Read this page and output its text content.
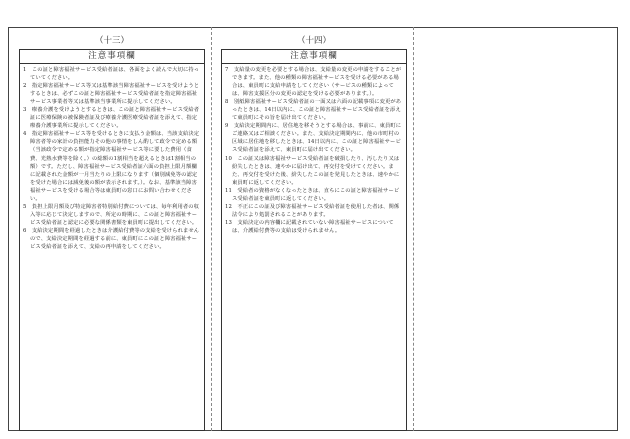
（十三）
注意事項欄

1　この証と障害福祉サービス受給者証は、各面をよく読んで大切に持っていてください。

2　指定障害福祉サービス等又は基準該当障害福祉サービスを受けようとするときは、必ずこの証と障害福祉サービス受給者証を指定障害福祉サービス事業者等又は基準該当事業所に提示してください。

3　療養介護を受けようとするときは、この証と障害福祉サービス受給者証に医療保険の被保険者証及び療養介護医療受給者証を添えて、指定療養介護事業所に提示してください。

4　指定障害福祉サービス等を受けるときに支払う金額は、当該支給決定障害者等の家計の負担能力その他の事情をしん酌して政令で定める額（当該政令で定める額が指定障害福祉サービス等に要した費用（食費、光熱水費等を除く。）の総額の1割相当を超えるときは1割相当の額）です。ただし、障害福祉サービス受給者証六面の負担上限月額欄に記載された金額が一月当たりの上限になります（個別減免等の認定を受けた場合には減免後の額が表示されます。）。なお、基準該当障害福祉サービスを受ける場合等は東員町の窓口にお問い合わせください。

5　負担上限月額及び特定障害者特別給付費については、毎年利用者の収入等に応じて決定しますので、所定の時期に、この証と障害福祉サービス受給者証と認定に必要な関係書類を東員町に提出してください。

6　支給決定期間を経過したときは介護給付費等の支給を受けられませんので、支給決定期間を経過する前に、東員町にこの証と障害福祉サービス受給者証を添えて、支給の再申請をしてください。

（十四）
注意事項欄

7　支給量の変更を必要とする場合は、支給量の変更の申請をすることができます。また、他の種類の障害福祉サービスを受ける必要がある場合は、東員町に支給申請をしてください（サービスの種類によっては、障害支援区分の変更の認定を受ける必要があります。）。

8　別紙障害福祉サービス受給者証の一面又は六面の記載事項に変更があったときは、14日以内に、この証と障害福祉サービス受給者証を添えて東員町にその旨を届け出てください。

9　支給決定期間内に、居住地を移そうとする場合は、事前に、東員町にご連絡又はご相談ください。また、支給決定期間内に、他の市町村の区域に居住地を移したときは、14日以内に、この証と障害福祉サービス受給者証を添えて、東員町に届け出てください。

10　この証又は障害福祉サービス受給者証を破損したり、汚したり又は紛失したときは、速やかに届け出て、再交付を受けてください。また、再交付を受けた後、紛失したこの証を発見したときは、速やかに東員町に返してください。

11　受給者の資格がなくなったときは、直ちにこの証と障害福祉サービス受給者証を東員町に返してください。

12　不正にこの証及び障害福祉サービス受給者証を使用した者は、関係法令により処罰されることがあります。

13　支給決定の内容欄に記載されていない障害福祉サービスについては、介護給付費等の支給は受けられません。
